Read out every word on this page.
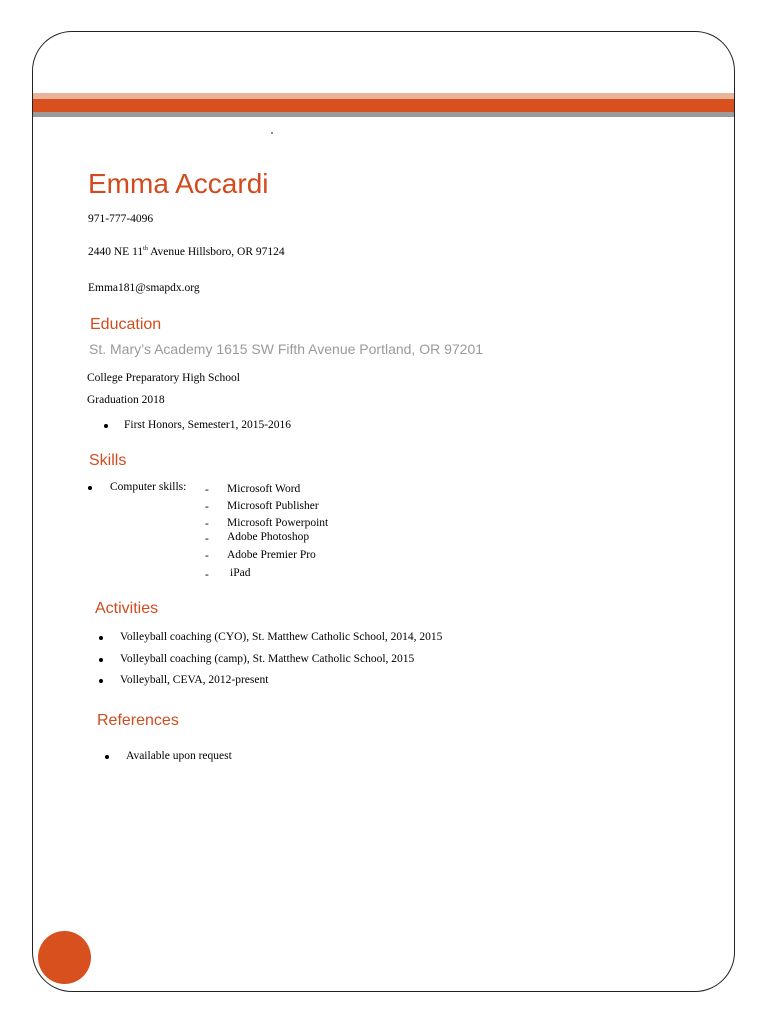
Emma Accardi
971-777-4096
2440 NE 11th Avenue Hillsboro, OR 97124
Emma181@smapdx.org
Education
St. Mary’s Academy 1615 SW Fifth Avenue Portland, OR 97201
College Preparatory High School
Graduation 2018
First Honors, Semester1, 2015-2016
Skills
Computer skills: - Microsoft Word
- Microsoft Publisher
- Microsoft Powerpoint
- Adobe Photoshop
- Adobe Premier Pro
- iPad
Activities
Volleyball coaching (CYO), St. Matthew Catholic School, 2014, 2015
Volleyball coaching (camp), St. Matthew Catholic School, 2015
Volleyball, CEVA, 2012-present
References
Available upon request
